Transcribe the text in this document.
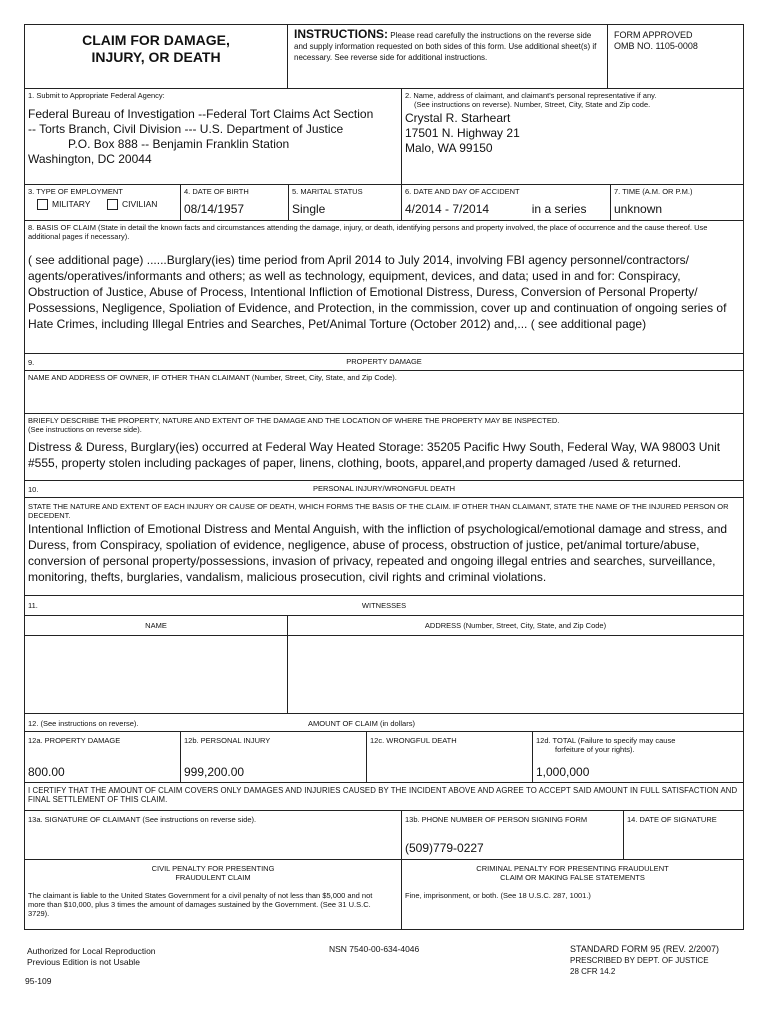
CLAIM FOR DAMAGE,
INJURY, OR DEATH
INSTRUCTIONS: Please read carefully the instructions on the reverse side and supply information requested on both sides of this form. Use additional sheet(s) if necessary. See reverse side for additional instructions.
FORM APPROVED
OMB NO. 1105-0008
1. Submit to Appropriate Federal Agency:
Federal Bureau of Investigation --Federal Tort Claims Act Section
-- Torts Branch, Civil Division --- U.S. Department of Justice
P.O. Box 888 -- Benjamin Franklin Station
Washington, DC 20044
2. Name, address of claimant, and claimant's personal representative if any.
(See instructions on reverse). Number, Street, City, State and Zip code.
Crystal R. Starheart
17501 N. Highway 21
Malo, WA 99150
3. TYPE OF EMPLOYMENT
MILITARY	CIVILIAN
4. DATE OF BIRTH
08/14/1957
5. MARITAL STATUS
Single
6. DATE AND DAY OF ACCIDENT
4/2014 - 7/2014	in a series
7. TIME (A.M. OR P.M.)
unknown
8. BASIS OF CLAIM (State in detail the known facts and circumstances attending the damage, injury, or death, identifying persons and property involved, the place of occurrence and the cause thereof. Use additional pages if necessary).
( see additional page) ......Burglary(ies) time period from April 2014 to July 2014, involving FBI agency personnel/contractors/ agents/operatives/informants and others; as well as technology, equipment, devices, and data; used in and for: Conspiracy, Obstruction of Justice, Abuse of Process, Intentional Infliction of Emotional Distress, Duress, Conversion of Personal Property/ Possessions, Negligence, Spoliation of Evidence, and Protection, in the commission, cover up and continuation of ongoing series of Hate Crimes, including Illegal Entries and Searches, Pet/Animal Torture (October 2012) and,... ( see additional page)
9.	PROPERTY DAMAGE
NAME AND ADDRESS OF OWNER, IF OTHER THAN CLAIMANT (Number, Street, City, State, and Zip Code).
BRIEFLY DESCRIBE THE PROPERTY, NATURE AND EXTENT OF THE DAMAGE AND THE LOCATION OF WHERE THE PROPERTY MAY BE INSPECTED.
(See instructions on reverse side).
Distress & Duress, Burglary(ies) occurred at Federal Way Heated Storage: 35205 Pacific Hwy South, Federal Way, WA 98003 Unit #555, property stolen including packages of paper, linens, clothing, boots, apparel,and property damaged /used & returned.
10.	PERSONAL INJURY/WRONGFUL DEATH
STATE THE NATURE AND EXTENT OF EACH INJURY OR CAUSE OF DEATH, WHICH FORMS THE BASIS OF THE CLAIM. IF OTHER THAN CLAIMANT, STATE THE NAME OF THE INJURED PERSON OR DECEDENT.
Intentional Infliction of Emotional Distress and Mental Anguish, with the infliction of psychological/emotional damage and stress, and Duress, from Conspiracy, spoliation of evidence, negligence, abuse of process, obstruction of justice, pet/animal torture/abuse, conversion of personal property/possessions, invasion of privacy, repeated and ongoing illegal entries and searches, surveillance, monitoring, thefts, burglaries, vandalism, malicious prosecution, civil rights and criminal violations.
11.	WITNESSES
NAME	ADDRESS (Number, Street, City, State, and Zip Code)
12. (See instructions on reverse).	AMOUNT OF CLAIM (in dollars)
12a. PROPERTY DAMAGE
800.00
12b. PERSONAL INJURY
999,200.00
12c. WRONGFUL DEATH	12d. TOTAL (Failure to specify may cause
forfeiture of your rights).
1,000,000
I CERTIFY THAT THE AMOUNT OF CLAIM COVERS ONLY DAMAGES AND INJURIES CAUSED BY THE INCIDENT ABOVE AND AGREE TO ACCEPT SAID AMOUNT IN FULL SATISFACTION AND FINAL SETTLEMENT OF THIS CLAIM.
13a. SIGNATURE OF CLAIMANT (See instructions on reverse side).	13b. PHONE NUMBER OF PERSON SIGNING FORM
(509)779-0227
14. DATE OF SIGNATURE
CIVIL PENALTY FOR PRESENTING
FRAUDULENT CLAIM
The claimant is liable to the United States Government for a civil penalty of not less than $5,000 and not more than $10,000, plus 3 times the amount of damages sustained by the Government. (See 31 U.S.C. 3729).
CRIMINAL PENALTY FOR PRESENTING FRAUDULENT
CLAIM OR MAKING FALSE STATEMENTS
Fine, imprisonment, or both. (See 18 U.S.C. 287, 1001.)
Authorized for Local Reproduction
Previous Edition is not Usable
NSN 7540-00-634-4046	STANDARD FORM 95 (REV. 2/2007)
PRESCRIBED BY DEPT. OF JUSTICE
28 CFR 14.2
95-109
